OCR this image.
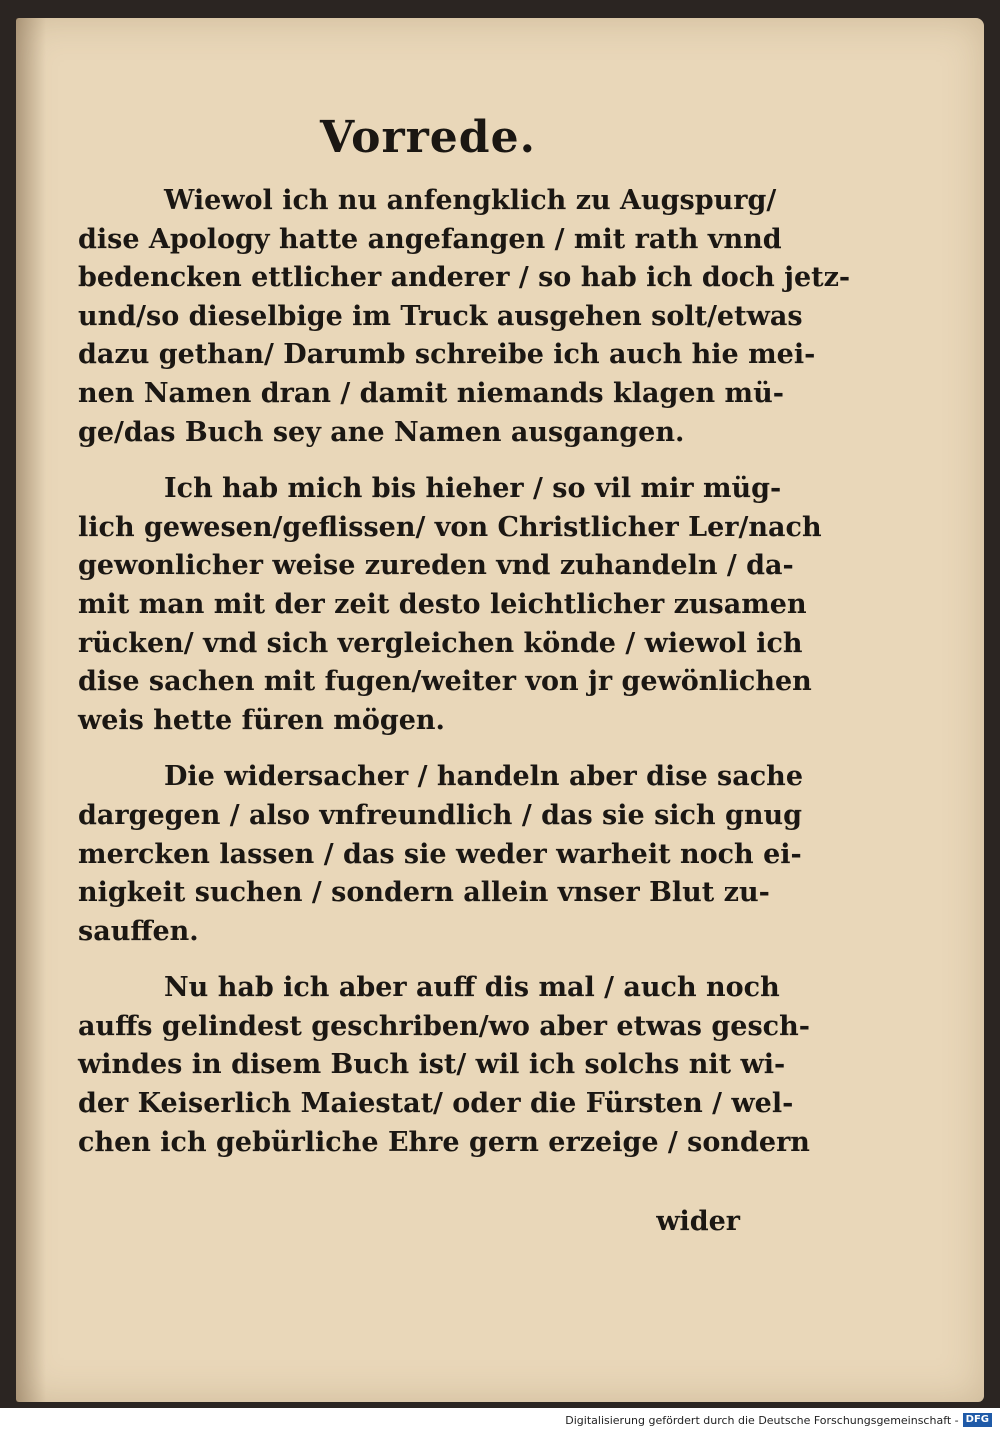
Vorrede.
Wiewol ich nu anfengklich zu Augspurg/
dise Apology hatte angefangen / mit rath vnnd
bedencken ettlicher anderer / so hab ich doch jetz-
und/so dieselbige im Truck ausgehen solt/etwas
dazu gethan/ Darumb schreibe ich auch hie mei-
nen Namen dran / damit niemands klagen mü-
ge/das Buch sey ane Namen ausgangen.
Ich hab mich bis hieher / so vil mir müg-
lich gewesen/geflissen/ von Christlicher Ler/nach
gewonlicher weise zureden vnd zuhandeln / da-
mit man mit der zeit desto leichtlicher zusamen
rücken/ vnd sich vergleichen könde / wiewol ich
dise sachen mit fugen/weiter von jr gewönlichen
weis hette füren mögen.
Die widersacher / handeln aber dise sache
dargegen / also vnfreundlich / das sie sich gnug
mercken lassen / das sie weder warheit noch ei-
nigkeit suchen / sondern allein vnser Blut zu-
sauffen.
Nu hab ich aber auff dis mal / auch noch
auffs gelindest geschriben/wo aber etwas gesch-
windes in disem Buch ist/ wil ich solchs nit wi-
der Keiserlich Maiestat/ oder die Fürsten / wel-
chen ich gebürliche Ehre gern erzeige / sondern
wider
Digitalisierung gefördert durch die Deutsche Forschungsgemeinschaft - DFG
